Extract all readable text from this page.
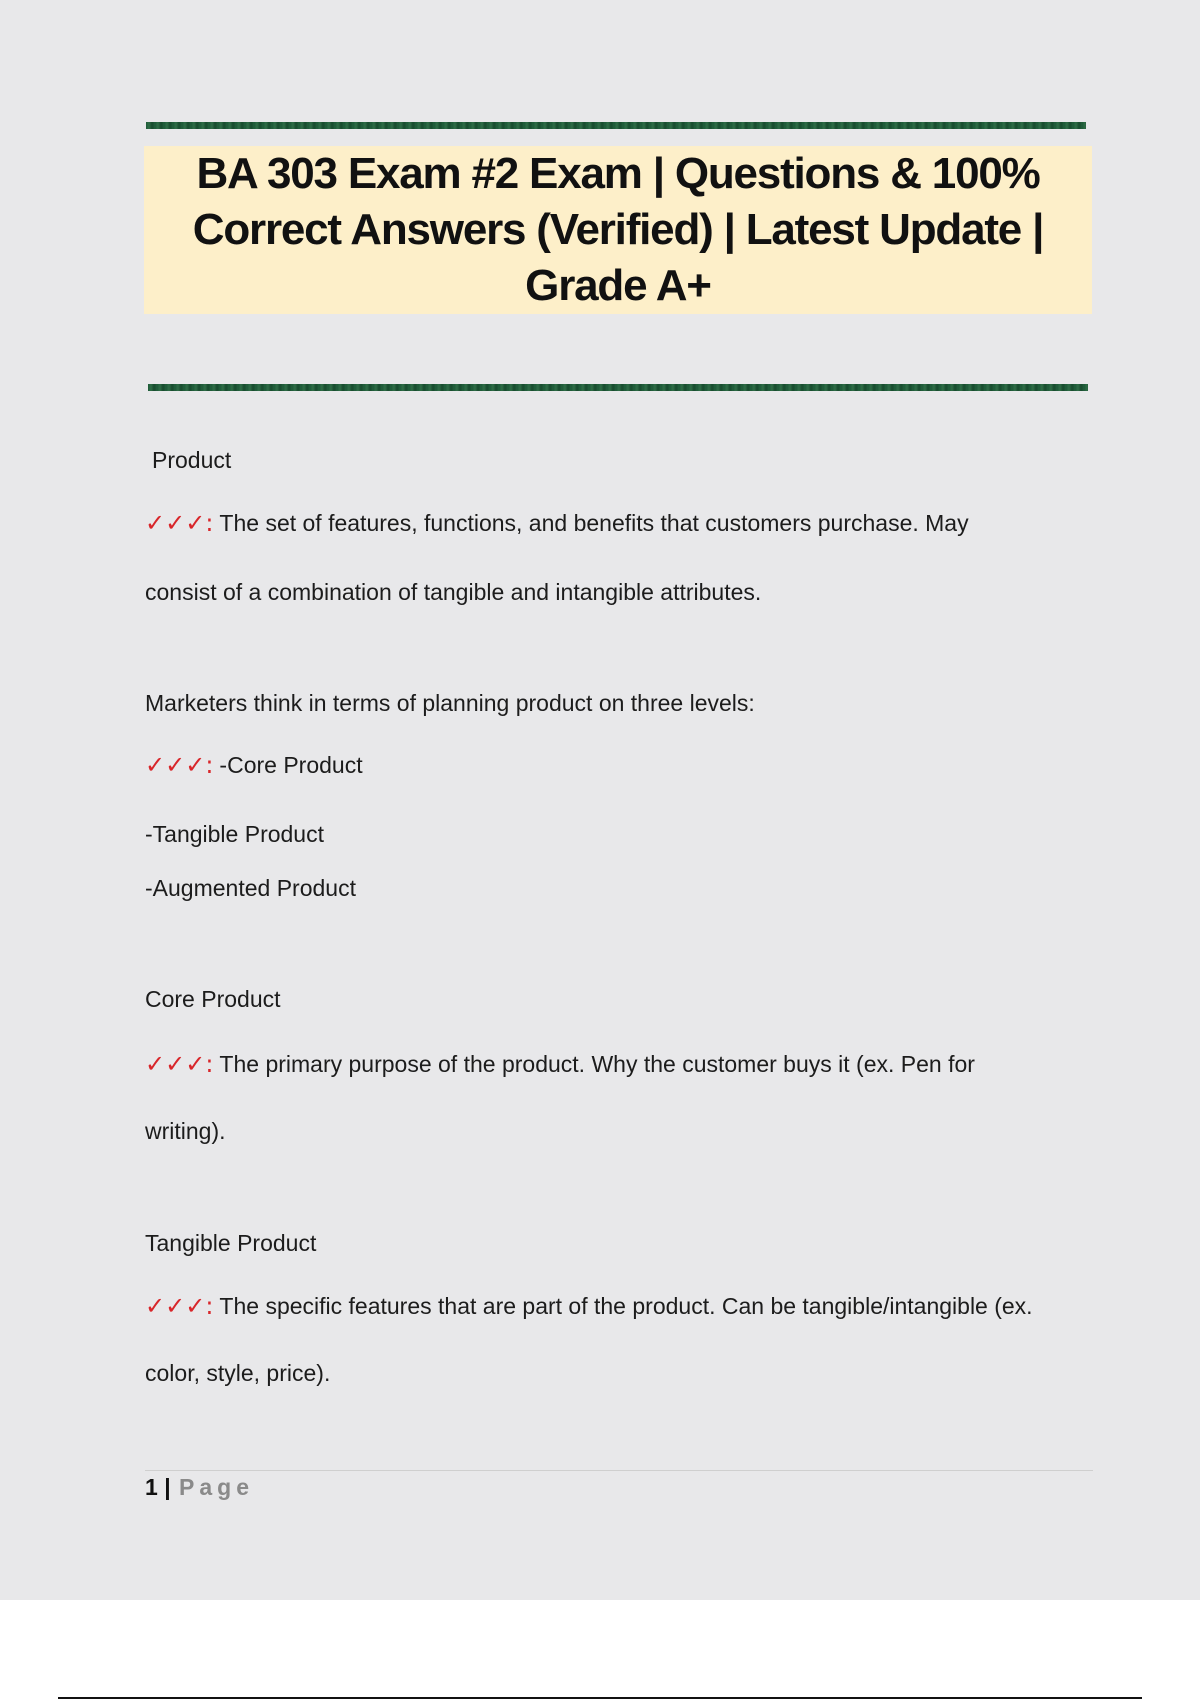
BA 303 Exam #2 Exam | Questions & 100% Correct Answers (Verified) | Latest Update | Grade A+
Product
✓✓✓: The set of features, functions, and benefits that customers purchase. May
consist of a combination of tangible and intangible attributes.
Marketers think in terms of planning product on three levels:
✓✓✓: -Core Product
-Tangible Product
-Augmented Product
Core Product
✓✓✓: The primary purpose of the product. Why the customer buys it (ex. Pen for
writing).
Tangible Product
✓✓✓: The specific features that are part of the product. Can be tangible/intangible (ex.
color, style, price).
1 | Page
